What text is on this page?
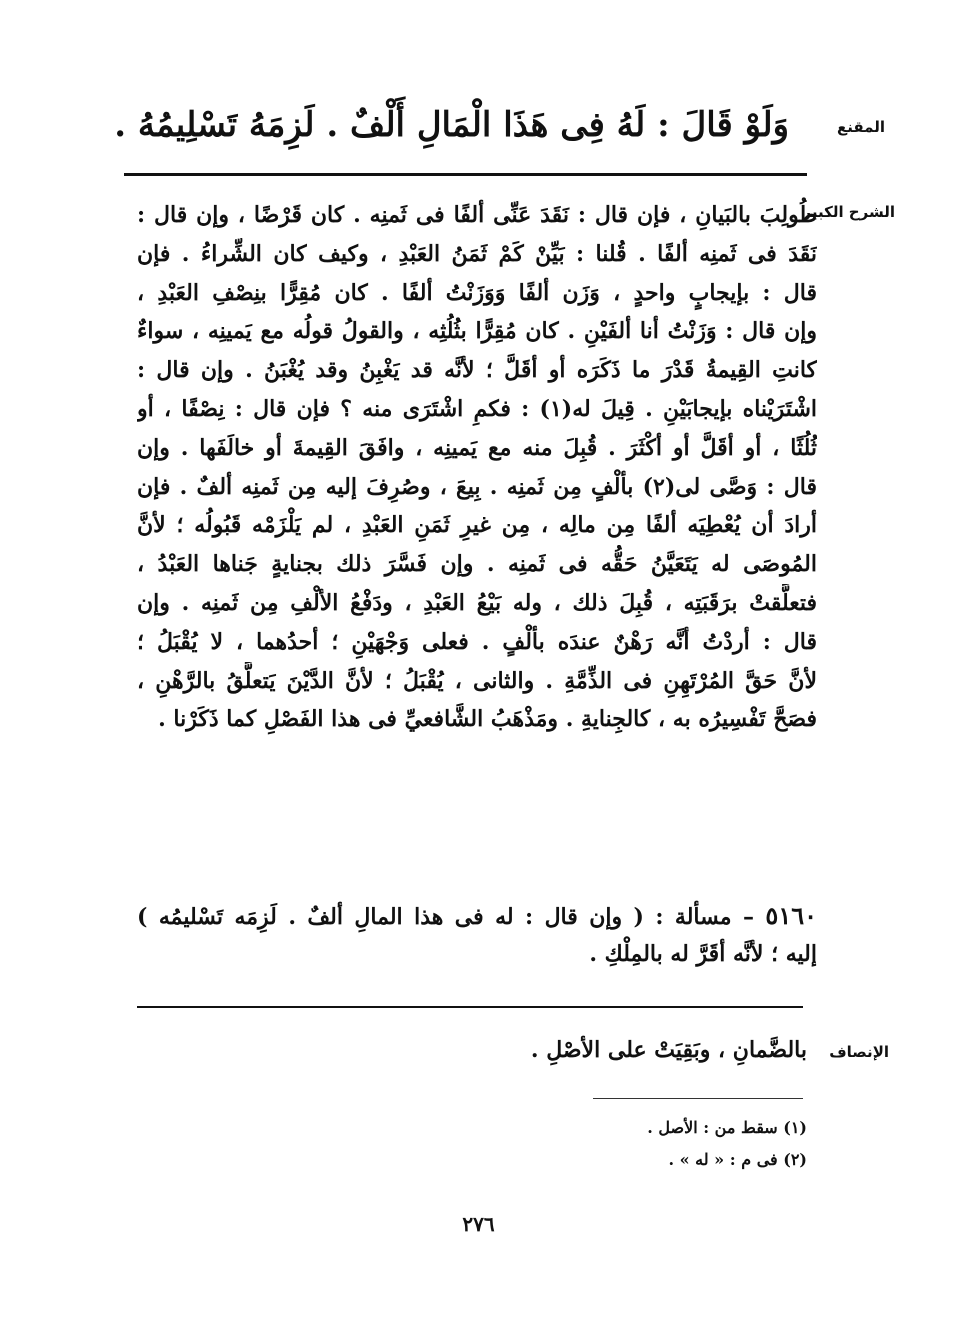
المقنع
وَلَوْ قَالَ : لَهُ فِى هَذَا الْمَالِ أَلْفٌ . لَزِمَهُ تَسْلِيمُهُ .
الشرح الكبير
طُولِبَ بالبَيانِ ، فإن قال : نَقَدَ عَنِّى ألفًا فى ثَمنِه . كان قَرْضًا ، وإن قال :
نَقَدَ فى ثَمنِه ألفًا . قُلنا : بَيِّنْ كَمْ ثَمَنُ العَبْدِ ، وكيف كان الشِّراءُ . فإن
قال : بإيجابٍ واحدٍ ، وَزَن ألفًا وَوَزَنْتُ ألفًا . كان مُقِرًّا بنِصْفِ العَبْدِ ،
وإن قال : وَزَنْتُ أنا ألفَيْنِ . كان مُقِرًّا بثُلُثِه ، والقولُ قولُه مع يَمينِه ، سواءٌ
كانتِ القِيمةُ قَدْرَ ما ذَكَرَه أو أقَلَّ ؛ لأنَّه قد يَغْبِنُ وقد يُغْبَنُ . وإن قال :
اشْتَرَيْناه بإيجابَيْنِ . قِيلَ له(١) : فكمِ اشْتَرَى منه ؟ فإن قال : نِصْفًا ، أو
ثُلُثًا ، أو أقَلَّ أو أكْثَرَ . قُبِلَ منه مع يَمينِه ، وافَقَ القِيمةَ أو خالَفَها . وإن
قال : وَصَّى لى(٢) بألْفٍ مِن ثَمنِه . بِيعَ ، وصُرِفَ إليه مِن ثَمنِه ألفٌ . فإن
أرادَ أن يُعْطِيَه ألفًا مِن مالِه ، مِن غيرِ ثَمَنِ العَبْدِ ، لم يَلْزَمْه قَبُولُه ؛ لأنَّ
المُوصَى له يَتَعَيَّنُ حَقُّه فى ثَمنِه . وإن فَسَّرَ ذلك بجنايةٍ جَناها العَبْدُ ،
فتعلَّقتْ برَقَبَتِه ، قُبِلَ ذلك ، وله بَيْعُ العَبْدِ ، ودَفْعُ الألْفِ مِن ثَمنِه . وإن
قال : أردْتُ أنَّه رَهْنٌ عندَه بألْفٍ . فعلى وَجْهَيْنِ ؛ أحدُهما ، لا يُقْبَلُ ؛
لأنَّ حَقَّ المُرْتَهِنِ فى الذِّمَّةِ . والثانى ، يُقْبَلُ ؛ لأنَّ الدَّيْنَ يَتعلَّقُ بالرَّهْنِ ،
فصَحَّ تَفْسِيرُه به ، كالجِنايةِ . ومَذْهَبُ الشَّافعيِّ فى هذا الفَصْلِ كما ذَكَرْنا .
٥١٦٠ – مسألة : ( وإن قال : له فى هذا المالِ ألفٌ . لَزِمَه تَسْليمُه )
إليه ؛ لأنَّه أقَرَّ له بالمِلْكِ .
الإنصاف
بالضَّمانِ ، وبَقِيَتْ على الأصْلِ .
(١) سقط من : الأصل .
(٢) فى م : « له » .
٢٧٦
